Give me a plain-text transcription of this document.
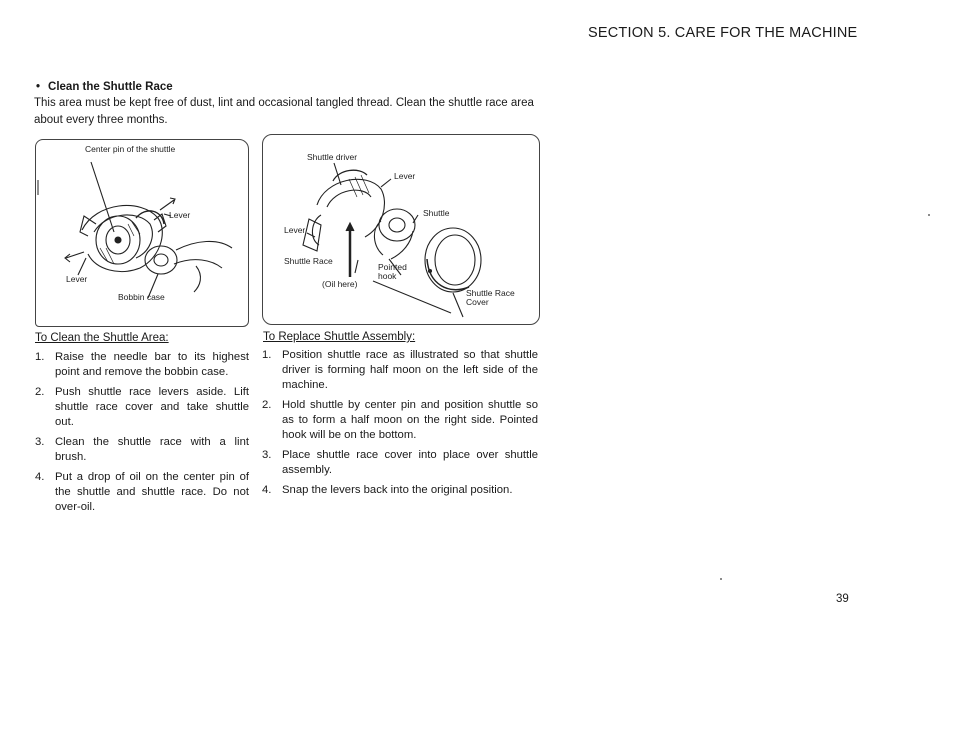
SECTION 5. CARE FOR THE MACHINE
• Clean the Shuttle Race
This area must be kept free of dust, lint and occasional tangled thread. Clean the shuttle race area about every three months.
Center pin of the shuttle
Lever
Lever
Bobbin case
Shuttle driver
Lever
Shuttle
Lever
Shuttle Race
Pointed hook
(Oil here)
Shuttle Race Cover
To Clean the Shuttle Area:
1. Raise the needle bar to its highest point and remove the bobbin case.
2. Push shuttle race levers aside. Lift shuttle race cover and take shuttle out.
3. Clean the shuttle race with a lint brush.
4. Put a drop of oil on the center pin of the shuttle and shuttle race. Do not over-oil.
To Replace Shuttle Assembly:
1. Position shuttle race as illustrated so that shuttle driver is forming half moon on the left side of the machine.
2. Hold shuttle by center pin and position shuttle so as to form a half moon on the right side. Pointed hook will be on the bottom.
3. Place shuttle race cover into place over shuttle assembly.
4. Snap the levers back into the original position.
39
